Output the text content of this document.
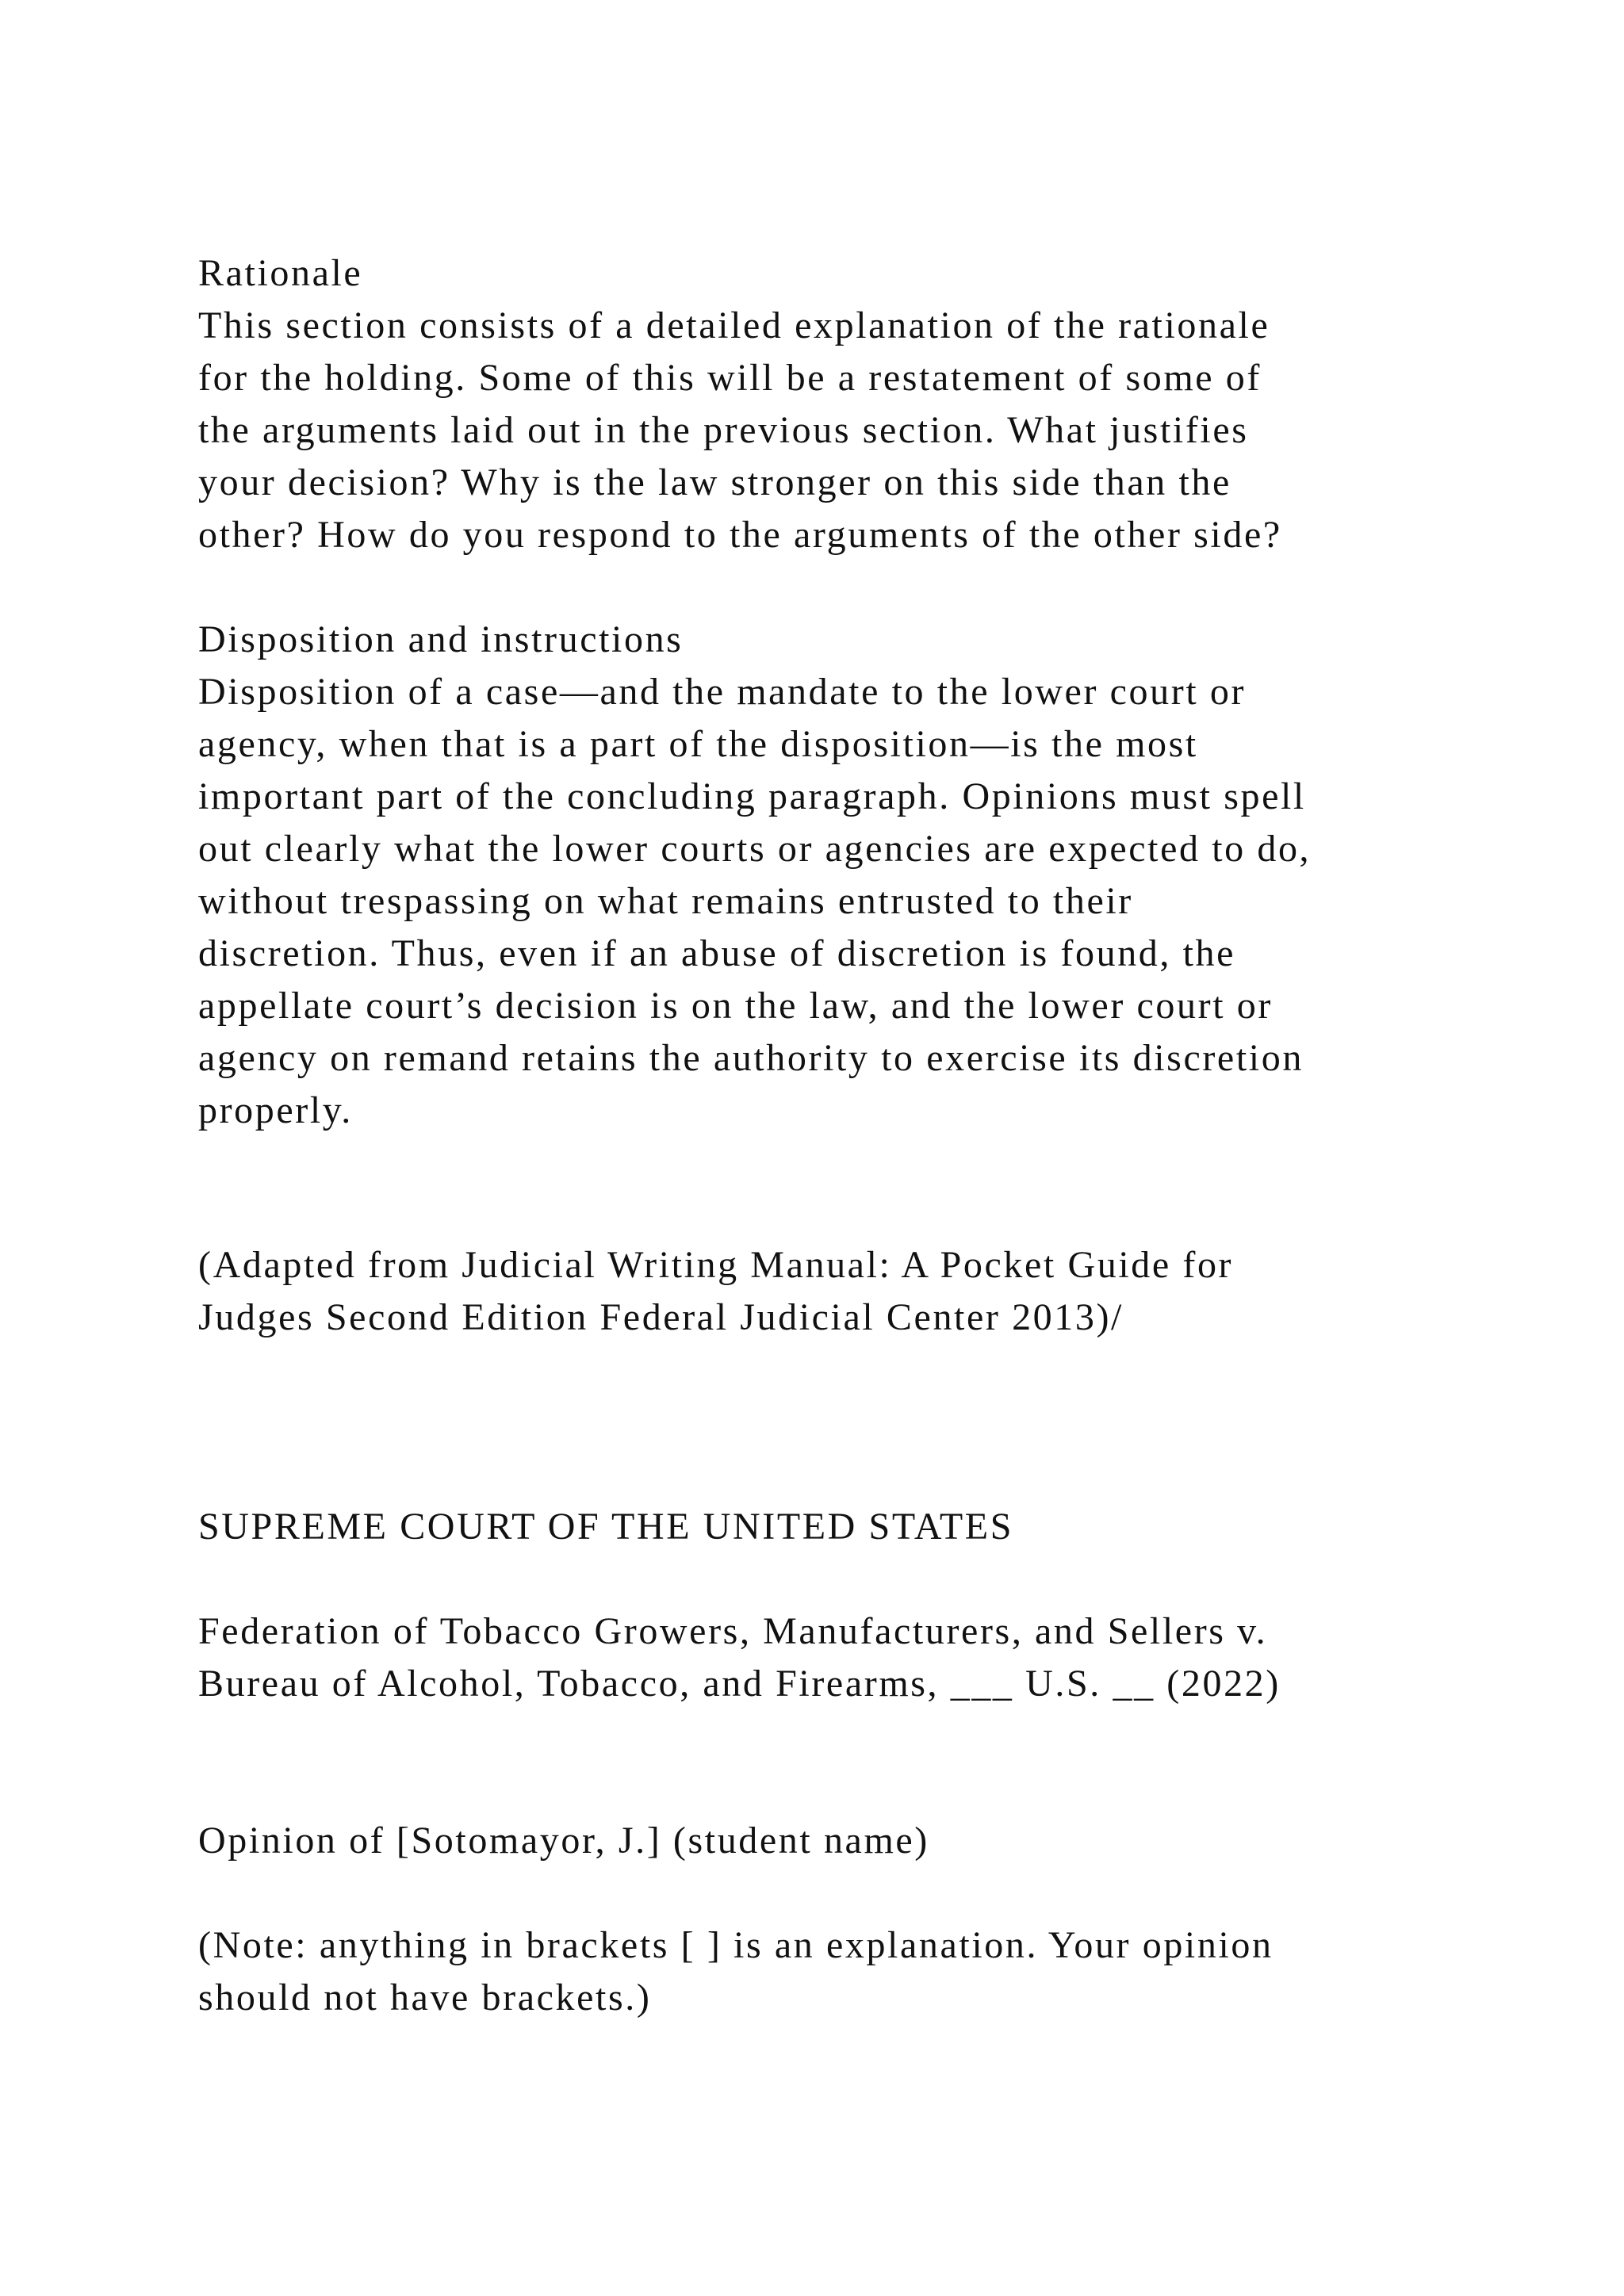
Rationale
This section consists of a detailed explanation of the rationale
for the holding. Some of this will be a restatement of some of
the arguments laid out in the previous section. What justifies
your decision? Why is the law stronger on this side than the
other? How do you respond to the arguments of the other side?
Disposition and instructions
Disposition of a case—and the mandate to the lower court or
agency, when that is a part of the disposition—is the most
important part of the concluding paragraph. Opinions must spell
out clearly what the lower courts or agencies are expected to do,
without trespassing on what remains entrusted to their
discretion. Thus, even if an abuse of discretion is found, the
appellate court’s decision is on the law, and the lower court or
agency on remand retains the authority to exercise its discretion
properly.
(Adapted from Judicial Writing Manual: A Pocket Guide for
Judges Second Edition Federal Judicial Center 2013)/
SUPREME COURT OF THE UNITED STATES
Federation of Tobacco Growers, Manufacturers, and Sellers v.
Bureau of Alcohol, Tobacco, and Firearms, ___ U.S. __ (2022)
Opinion of [Sotomayor, J.] (student name)
(Note: anything in brackets [ ] is an explanation. Your opinion
should not have brackets.)
